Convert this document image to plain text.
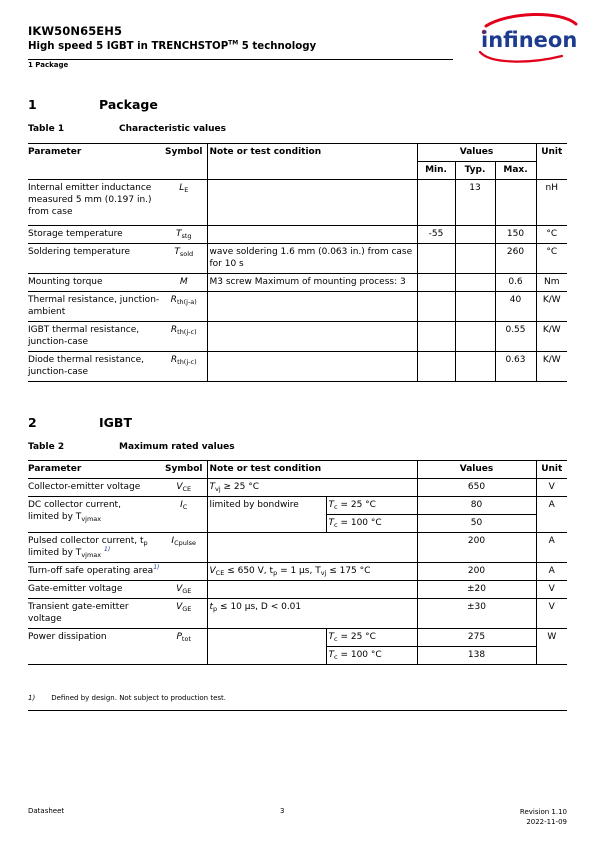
IKW50N65EH5
High speed 5 IGBT in TRENCHSTOP™ 5 technology
1 Package
infineon
1	Package
Table 1	Characteristic values
Parameter	Symbol	Note or test condition	Values			Unit
			Min.	Typ.	Max.	
Internal emitter inductance measured 5 mm (0.197 in.) from case	$L_E$			13		nH
Storage temperature	$T_{stg}$		-55		150	°C
Soldering temperature	$T_{sold}$	wave soldering 1.6 mm (0.063 in.) from case for 10 s			260	°C
Mounting torque	M	M3 screw Maximum of mounting process: 3			0.6	Nm
Thermal resistance, junction-ambient	$R_{th(j-a)}$				40	K/W
IGBT thermal resistance, junction-case	$R_{th(j-c)}$				0.55	K/W
Diode thermal resistance, junction-case	$R_{th(j-c)}$				0.63	K/W
2	IGBT
Table 2	Maximum rated values
Parameter	Symbol	Note or test condition		Values	Unit
Collector-emitter voltage	$V_{CE}$	$T_{vj} \ge 25$ °C		650	V
DC collector current,
limited by $T_{vjmax}$	$I_C$	limited by bondwire	$T_c = 25$ °C	80	A
			$T_c = 100$ °C	50	
Pulsed collector current, $t_p$
limited by $T_{vjmax}$ $^{1)}$	$I_{Cpulse}$			200	A
Turn-off safe operating area$^{1)}$		$V_{CE} \le 650$ V, $t_p = 1$ µs, $T_{vj} \le 175$ °C		200	A
Gate-emitter voltage	$V_{GE}$			±20	V
Transient gate-emitter voltage	$V_{GE}$	$t_p \le 10$ µs, D < 0.01		±30	V
Power dissipation	$P_{tot}$		$T_c = 25$ °C	275	W
			$T_c = 100$ °C	138	
1) Defined by design. Not subject to production test.
Datasheet	3	Revision 1.10
2022-11-09
